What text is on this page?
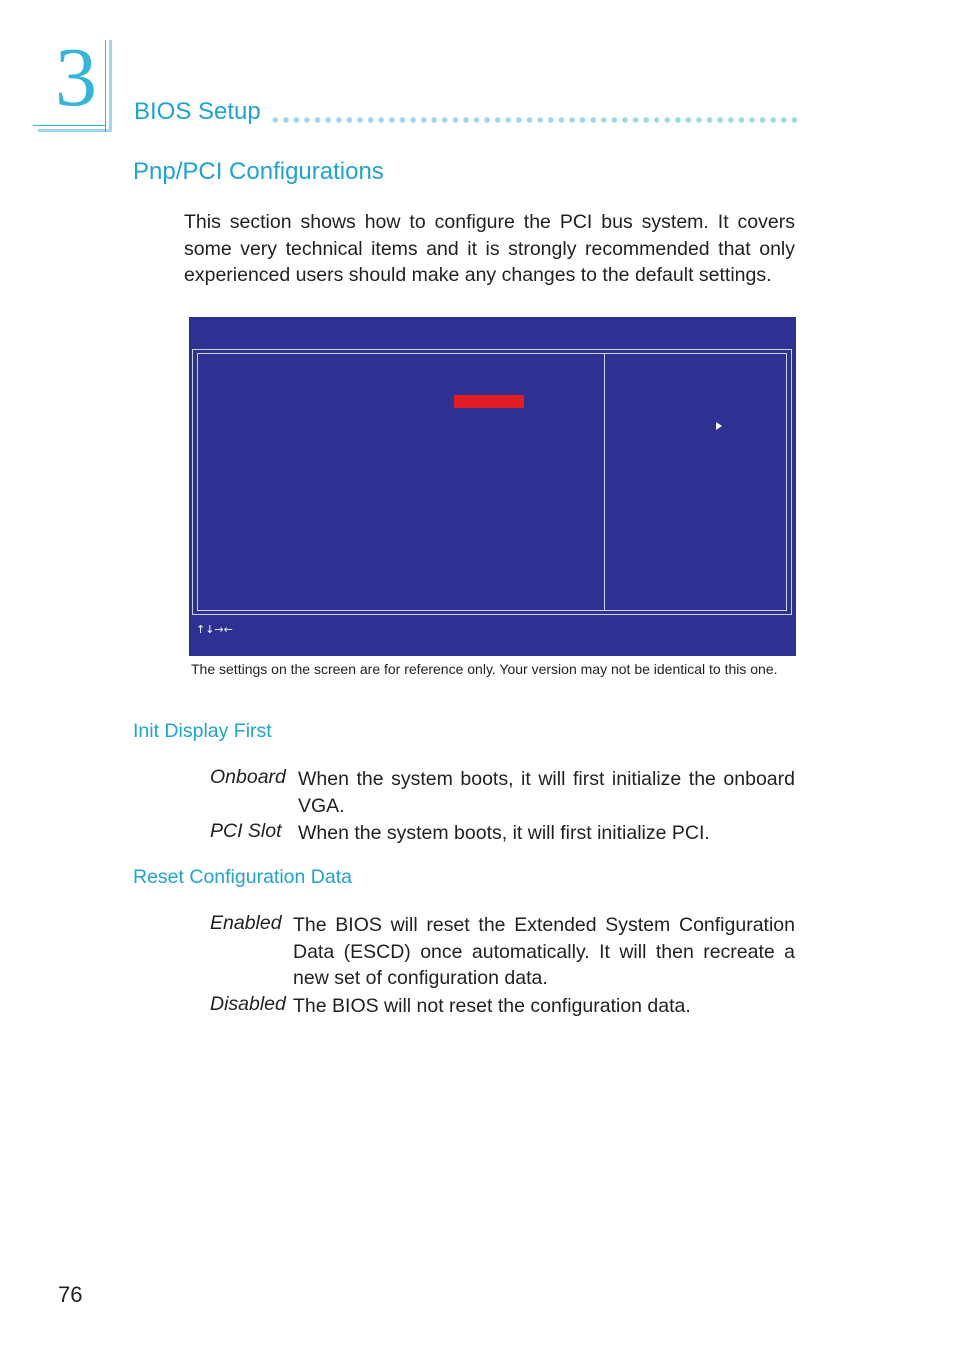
3	BIOS Setup
Pnp/PCI Configurations
This section shows how to configure the PCI bus system. It covers some very technical items and it is strongly recommended that only experienced users should make any changes to the default settings.
↑↓→←
The settings on the screen are for reference only. Your version may not be identical to this one.
Init Display First
Onboard When the system boots, it will first initialize the onboard VGA.
PCI Slot When the system boots, it will first initialize PCI.
Reset Configuration Data
Enabled The BIOS will reset the Extended System Configuration Data (ESCD) once automatically. It will then recreate a new set of configuration data.
Disabled The BIOS will not reset the configuration data.
76
